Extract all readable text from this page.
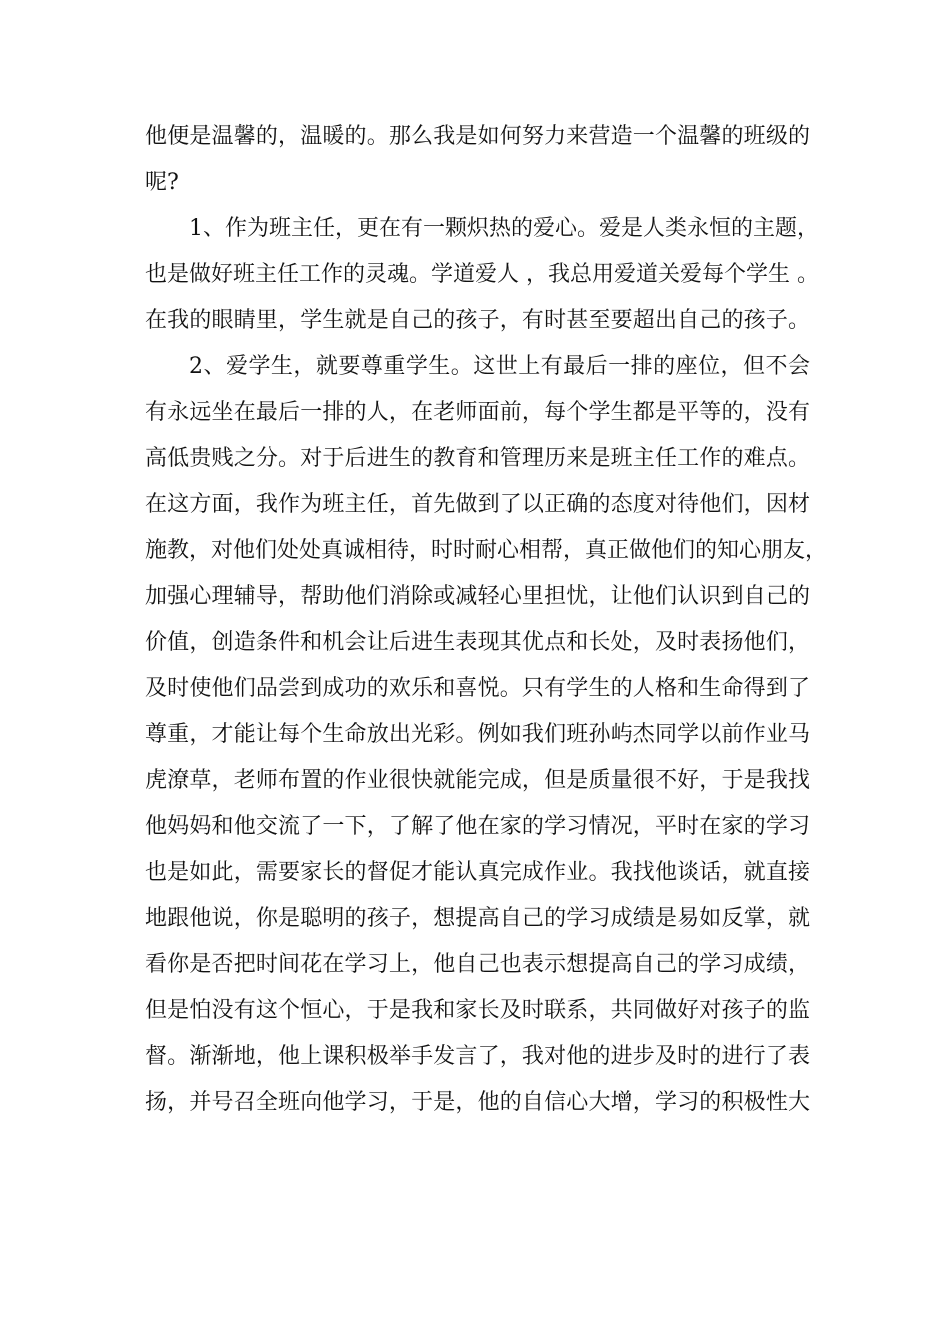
他便是温馨的，温暖的。那么我是如何努力来营造一个温馨的班级的
呢?
1、作为班主任，更在有一颗炽热的爱心。爱是人类永恒的主题，
也是做好班主任工作的灵魂。学道爱人 ，我总用爱道关爱每个学生 。
在我的眼睛里，学生就是自己的孩子，有时甚至要超出自己的孩子。
2、爱学生，就要尊重学生。这世上有最后一排的座位，但不会
有永远坐在最后一排的人，在老师面前，每个学生都是平等的，没有
高低贵贱之分。对于后进生的教育和管理历来是班主任工作的难点。
在这方面，我作为班主任，首先做到了以正确的态度对待他们，因材
施教，对他们处处真诚相待，时时耐心相帮，真正做他们的知心朋友，
加强心理辅导，帮助他们消除或减轻心里担忧，让他们认识到自己的
价值，创造条件和机会让后进生表现其优点和长处，及时表扬他们，
及时使他们品尝到成功的欢乐和喜悦。只有学生的人格和生命得到了
尊重，才能让每个生命放出光彩。例如我们班孙屿杰同学以前作业马
虎潦草，老师布置的作业很快就能完成，但是质量很不好，于是我找
他妈妈和他交流了一下，了解了他在家的学习情况，平时在家的学习
也是如此，需要家长的督促才能认真完成作业。我找他谈话，就直接
地跟他说，你是聪明的孩子，想提高自己的学习成绩是易如反掌，就
看你是否把时间花在学习上，他自己也表示想提高自己的学习成绩，
但是怕没有这个恒心，于是我和家长及时联系，共同做好对孩子的监
督。渐渐地，他上课积极举手发言了，我对他的进步及时的进行了表
扬，并号召全班向他学习，于是，他的自信心大增，学习的积极性大
